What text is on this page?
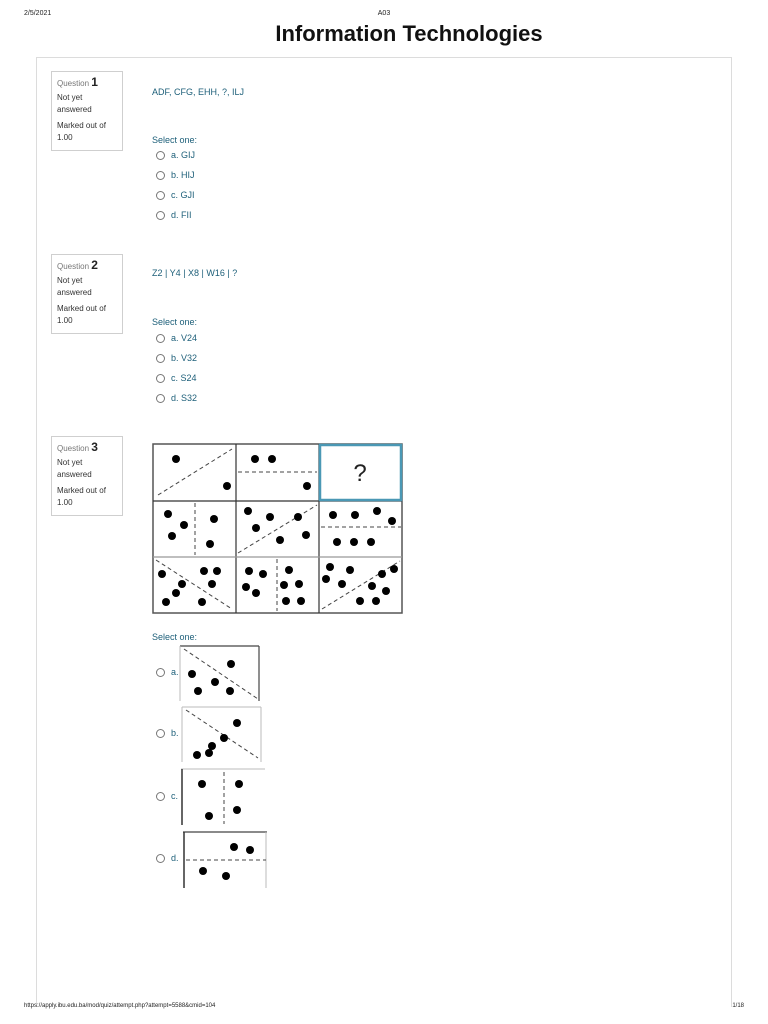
2/5/2021	A03
Information Technologies
Question 1
Not yet answered
Marked out of 1.00
ADF, CFG, EHH, ?, ILJ
Select one:
a.
GIJ
b.
HIJ
c.
GJI
d.
FII
Question 2
Not yet answered
Marked out of 1.00
Z2 | Y4 | X8 | W16 | ?
Select one:
a.
V24
b.
V32
c.
S24
d.
S32
Question 3
Not yet answered
Marked out of 1.00
?
Select one:
a.
b.
c.
d.
https://apply.ibu.edu.ba/mod/quiz/attempt.php?attempt=5588&cmid=104	1/18
